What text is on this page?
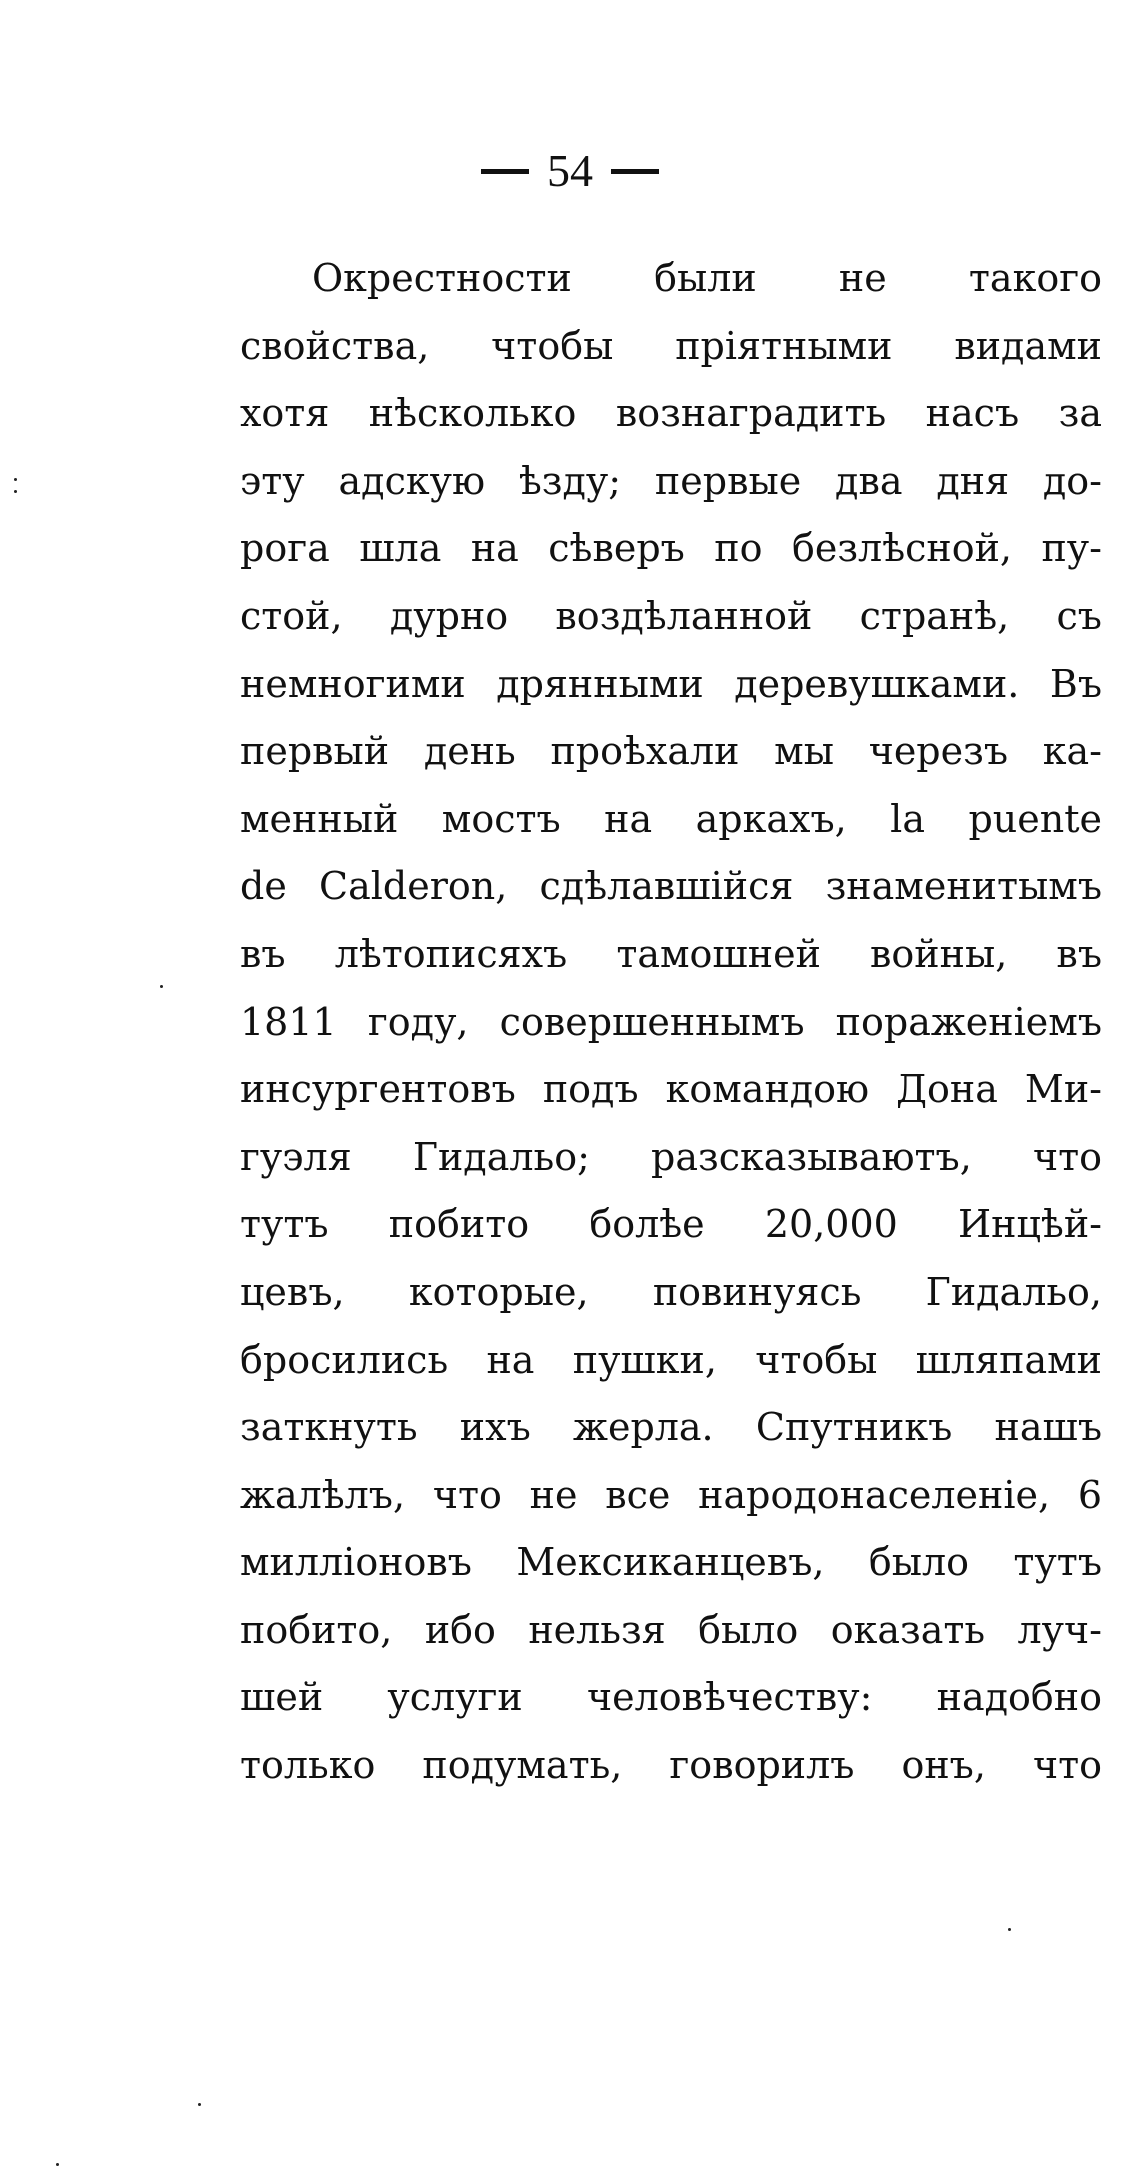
54
Окрестности были не такого
свойства, чтобы пріятными видами
хотя нѣсколько вознаградить насъ за
эту адскую ѣзду; первые два дня до-
рога шла на сѣверъ по безлѣсной, пу-
стой, дурно воздѣланной странѣ, съ
немногими дрянными деревушками. Въ
первый день проѣхали мы черезъ ка-
менный мостъ на аркахъ, la puente
de Calderon, сдѣлавшійся знаменитымъ
въ лѣтописяхъ тамошней войны, въ
1811 году, совершеннымъ пораженіемъ
инсургентовъ подъ командою Дона Ми-
гуэля Гидальо; разсказываютъ, что
тутъ побито болѣе 20,000 Инцѣй-
цевъ, которые, повинуясь Гидальо,
бросились на пушки, чтобы шляпами
заткнуть ихъ жерла. Спутникъ нашъ
жалѣлъ, что не все народонаселеніе, 6
милліоновъ Мексиканцевъ, было тутъ
побито, ибо нельзя было оказать луч-
шей услуги человѣчеству: надобно
только подумать, говорилъ онъ, что
